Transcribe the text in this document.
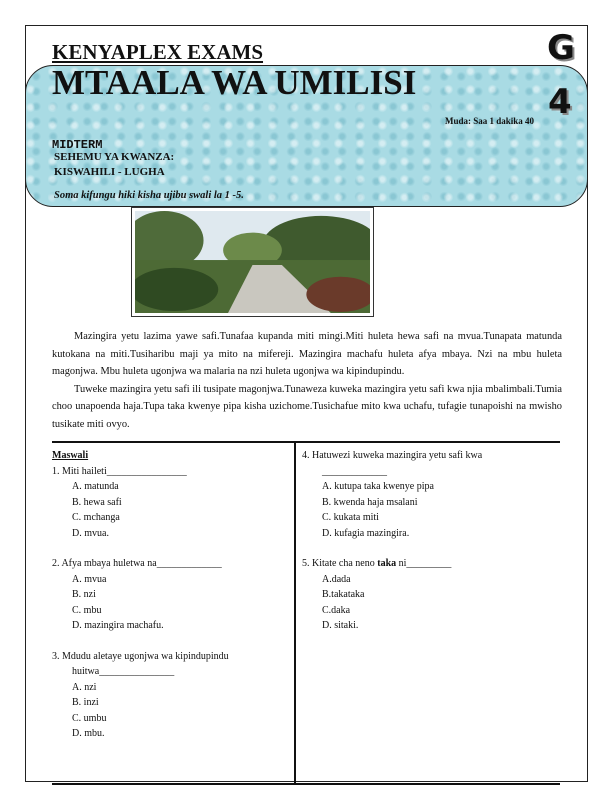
KENYAPLEX EXAMS	G
4
MTAALA WA UMILISI
Muda: Saa 1 dakika 40
MIDTERM
SEHEMU YA KWANZA:
KISWAHILI - LUGHA
Soma kifungu hiki kisha ujibu swali la 1 -5.

Mazingira yetu lazima yawe safi.Tunafaa kupanda miti mingi.Miti huleta hewa safi na mvua.Tunapata matunda kutokana na miti.Tusiharibu maji ya mito na mifereji. Mazingira machafu huleta afya mbaya. Nzi na mbu huleta magonjwa. Mbu huleta ugonjwa wa malaria na nzi huleta ugonjwa wa kipindupindu.

Tuweke mazingira yetu safi ili tusipate magonjwa.Tunaweza kuweka mazingira yetu safi kwa njia mbalimbali.Tumia choo unapoenda haja.Tupa taka kwenye pipa kisha uzichome.Tusichafue mito kwa uchafu, tufagie tunapoishi na mwisho tusikate miti ovyo.

Maswali
1. Miti haileti________________
A. matunda
B. hewa safi
C. mchanga
D. mvua.
2. Afya mbaya huletwa na_____________
A. mvua
B. nzi
C. mbu
D. mazingira machafu.
3. Mdudu aletaye ugonjwa wa kipindupindu
huitwa_______________
A. nzi
B. inzi
C. umbu
D. mbu.
4. Hatuwezi kuweka mazingira yetu safi kwa
_____________
A. kutupa taka kwenye pipa
B. kwenda haja msalani
C. kukata miti
D. kufagia mazingira.
5. Kitate cha neno taka ni_________
A.dada
B.takataka
C.daka
D. sitaki.
